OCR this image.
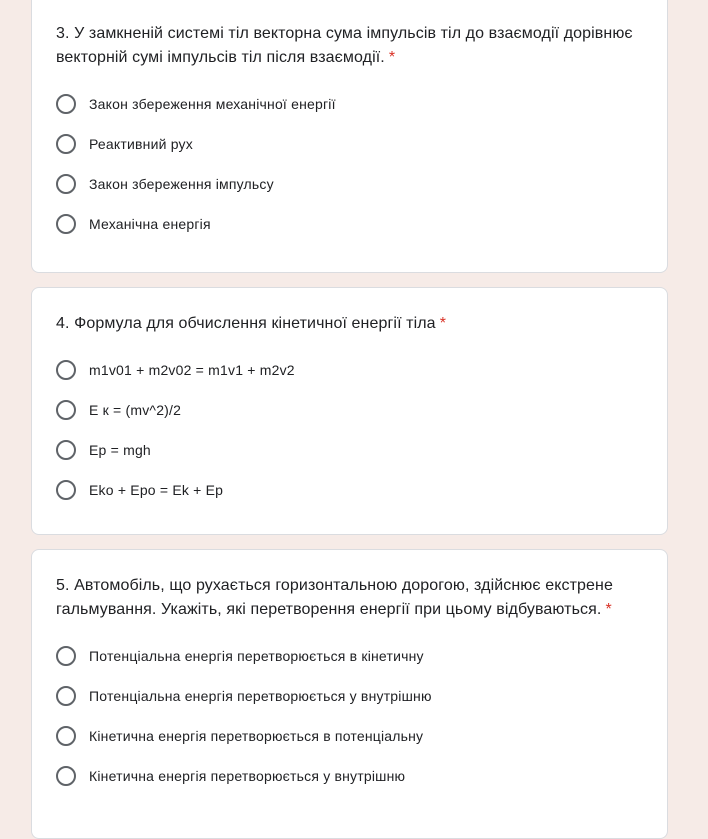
3. У замкненій системі тіл векторна сума імпульсів тіл до взаємодії дорівнює векторній сумі імпульсів тіл після взаємодії. *

Закон збереження механічної енергії
Реактивний рух
Закон збереження імпульсу
Механічна енергія

4. Формула для обчислення кінетичної енергії тіла *

m1v01 + m2v02 = m1v1 + m2v2
E к = (mv^2)/2
Ep = mgh
Eko + Epo = Ek + Ep

5. Автомобіль, що рухається горизонтальною дорогою, здійснює екстрене гальмування. Укажіть, які перетворення енергії при цьому відбуваються. *

Потенціальна енергія перетворюється в кінетичну
Потенціальна енергія перетворюється у внутрішню
Кінетична енергія перетворюється в потенціальну
Кінетична енергія перетворюється у внутрішню
